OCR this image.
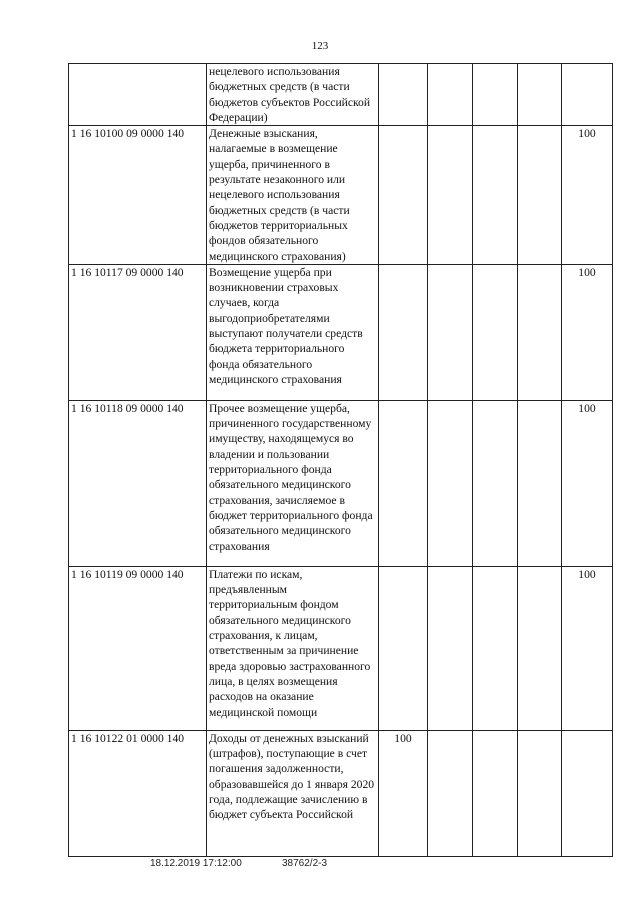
123
	нецелевого использования бюджетных средств (в части бюджетов субъектов Российской Федерации)					
1 16 10100 09 0000 140	Денежные взыскания, налагаемые в возмещение ущерба, причиненного в результате незаконного или нецелевого использования бюджетных средств (в части бюджетов территориальных фондов обязательного медицинского страхования)					100
1 16 10117 09 0000 140	Возмещение ущерба при возникновении страховых случаев, когда выгодоприобретателями выступают получатели средств бюджета территориального фонда обязательного медицинского страхования					100
1 16 10118 09 0000 140	Прочее возмещение ущерба, причиненного государственному имуществу, находящемуся во владении и пользовании территориального фонда обязательного медицинского страхования, зачисляемое в бюджет территориального фонда обязательного медицинского страхования					100
1 16 10119 09 0000 140	Платежи по искам, предъявленным территориальным фондом обязательного медицинского страхования, к лицам, ответственным за причинение вреда здоровью застрахованного лица, в целях возмещения расходов на оказание медицинской помощи					100
1 16 10122 01 0000 140	Доходы от денежных взысканий (штрафов), поступающие в счет погашения задолженности, образовавшейся до 1 января 2020 года, подлежащие зачислению в бюджет субъекта Российской	100				
18.12.2019 17:12:00	38762/2-3
